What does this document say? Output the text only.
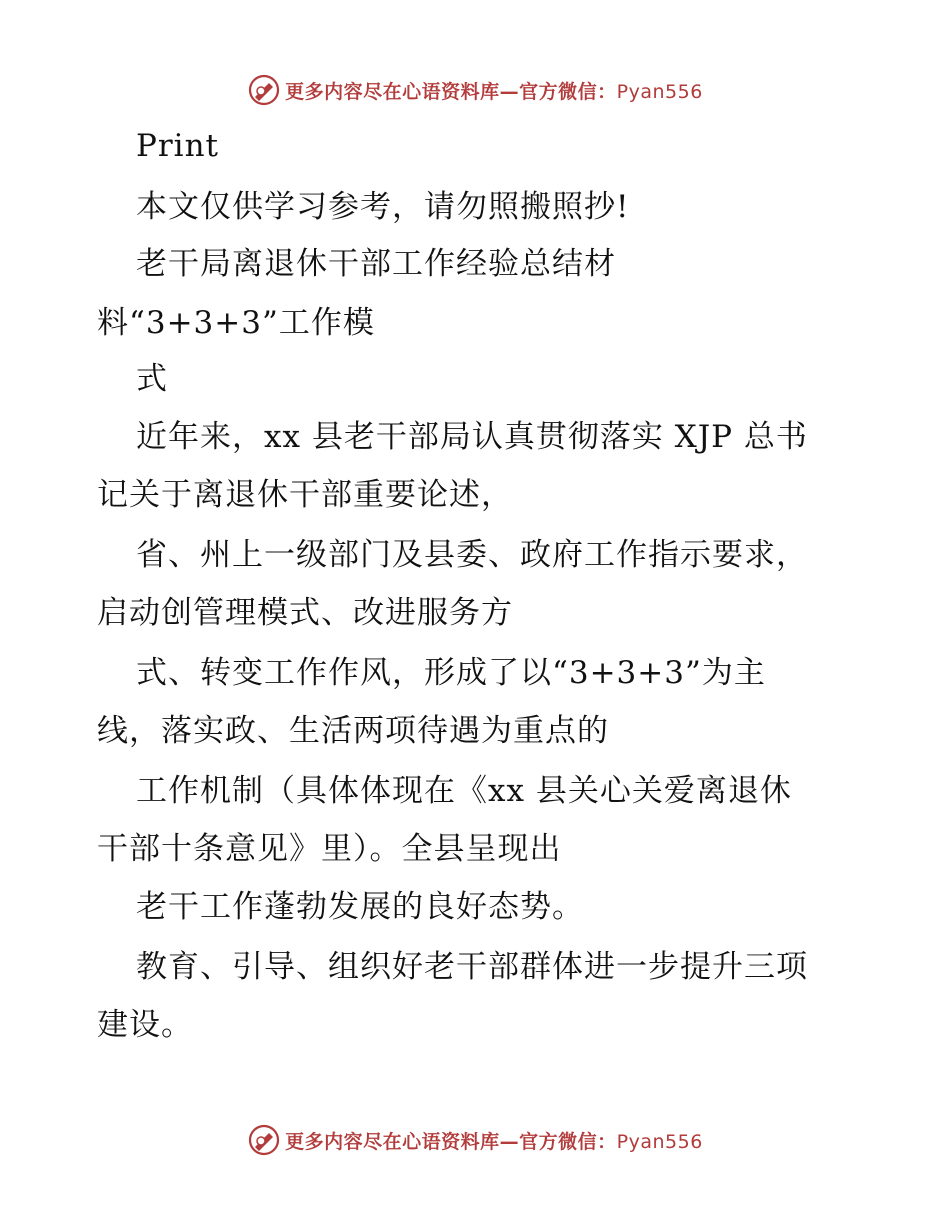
更多内容尽在心语资料库—官方微信：Pyan556
Print
本文仅供学习参考，请勿照搬照抄!
老干局离退休干部工作经验总结材
料“3+3+3”工作模
式
近年来，xx 县老干部局认真贯彻落实 XJP 总书
记关于离退休干部重要论述，
省、州上一级部门及县委、政府工作指示要求，
启动创管理模式、改进服务方
式、转变工作作风，形成了以“3+3+3”为主
线，落实政、生活两项待遇为重点的
工作机制（具体体现在《xx 县关心关爱离退休
干部十条意见》里）。全县呈现出
老干工作蓬勃发展的良好态势。
教育、引导、组织好老干部群体进一步提升三项
建设。
更多内容尽在心语资料库—官方微信：Pyan556
